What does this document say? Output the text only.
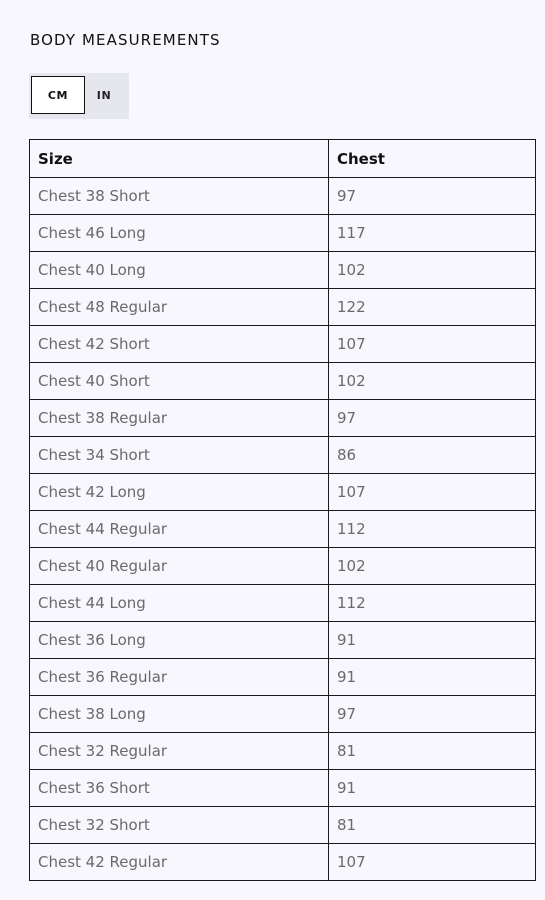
BODY MEASUREMENTS
CM	IN
Size	Chest
Chest 38 Short	97
Chest 46 Long	117
Chest 40 Long	102
Chest 48 Regular	122
Chest 42 Short	107
Chest 40 Short	102
Chest 38 Regular	97
Chest 34 Short	86
Chest 42 Long	107
Chest 44 Regular	112
Chest 40 Regular	102
Chest 44 Long	112
Chest 36 Long	91
Chest 36 Regular	91
Chest 38 Long	97
Chest 32 Regular	81
Chest 36 Short	91
Chest 32 Short	81
Chest 42 Regular	107
